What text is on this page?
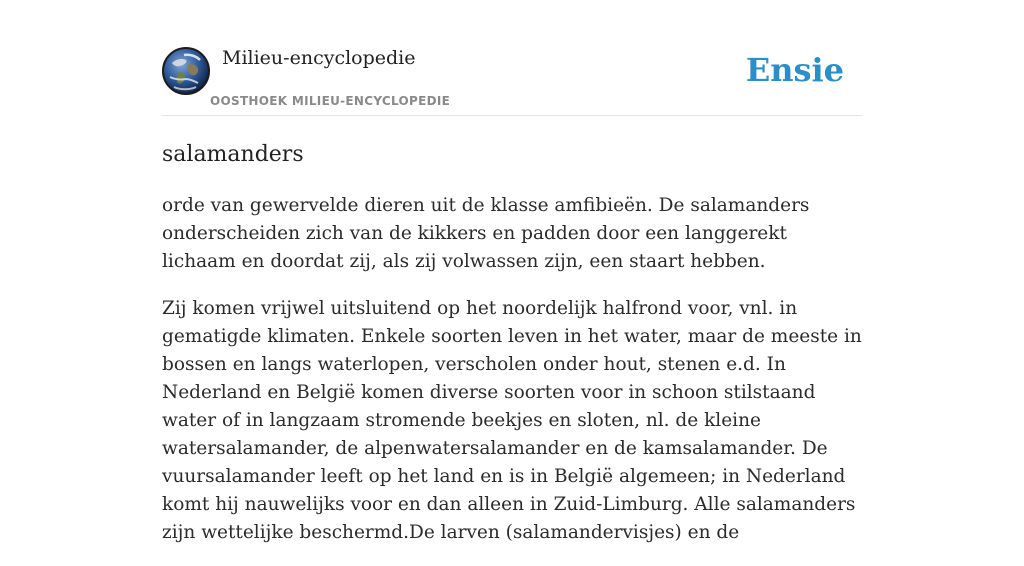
Milieu-encyclopedie
OOSTHOEK MILIEU-ENCYCLOPEDIE
Ensie
salamanders

orde van gewervelde dieren uit de klasse amfibieën. De salamanders onderscheiden zich van de kikkers en padden door een langgerekt lichaam en doordat zij, als zij volwassen zijn, een staart hebben.

Zij komen vrijwel uitsluitend op het noordelijk halfrond voor, vnl. in gematigde klimaten. Enkele soorten leven in het water, maar de meeste in bossen en langs waterlopen, verscholen onder hout, stenen e.d. In Nederland en België komen diverse soorten voor in schoon stilstaand water of in langzaam stromende beekjes en sloten, nl. de kleine watersalamander, de alpenwatersalamander en de kamsalamander. De vuursalamander leeft op het land en is in België algemeen; in Nederland komt hij nauwelijks voor en dan alleen in Zuid-Limburg. Alle salamanders zijn wettelijke beschermd.De larven (salamandervisjes) en de
